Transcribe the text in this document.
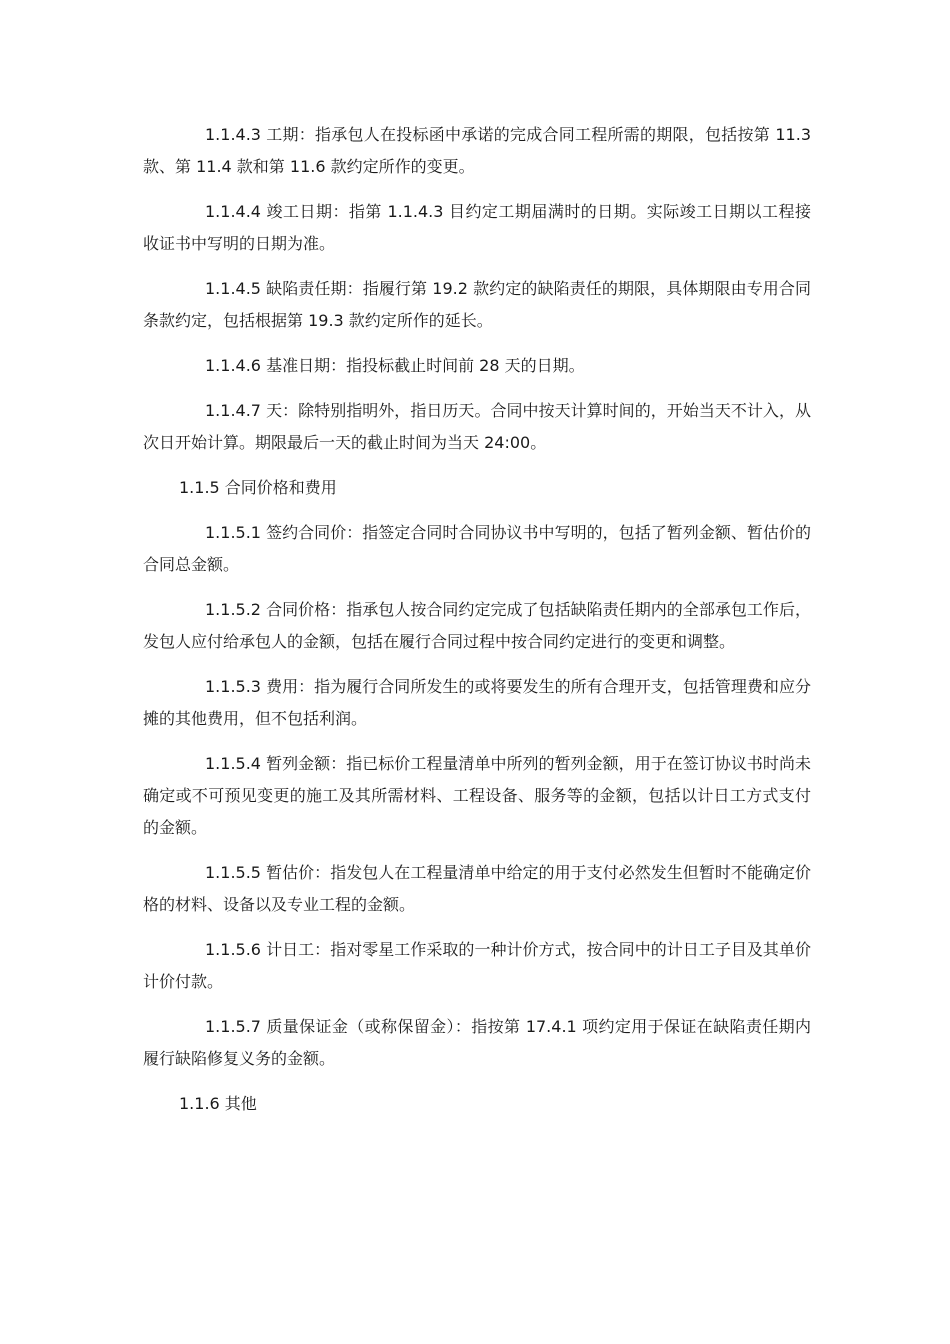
1.1.4.3 工期：指承包人在投标函中承诺的完成合同工程所需的期限，包括按第 11.3 款、第 11.4 款和第 11.6 款约定所作的变更。

1.1.4.4 竣工日期：指第 1.1.4.3 目约定工期届满时的日期。实际竣工日期以工程接收证书中写明的日期为准。

1.1.4.5 缺陷责任期：指履行第 19.2 款约定的缺陷责任的期限，具体期限由专用合同条款约定，包括根据第 19.3 款约定所作的延长。

1.1.4.6 基准日期：指投标截止时间前 28 天的日期。

1.1.4.7 天：除特别指明外，指日历天。合同中按天计算时间的，开始当天不计入，从次日开始计算。期限最后一天的截止时间为当天 24:00。

1.1.5 合同价格和费用

1.1.5.1 签约合同价：指签定合同时合同协议书中写明的，包括了暂列金额、暂估价的合同总金额。

1.1.5.2 合同价格：指承包人按合同约定完成了包括缺陷责任期内的全部承包工作后，发包人应付给承包人的金额，包括在履行合同过程中按合同约定进行的变更和调整。

1.1.5.3 费用：指为履行合同所发生的或将要发生的所有合理开支，包括管理费和应分摊的其他费用，但不包括利润。

1.1.5.4 暂列金额：指已标价工程量清单中所列的暂列金额，用于在签订协议书时尚未确定或不可预见变更的施工及其所需材料、工程设备、服务等的金额，包括以计日工方式支付的金额。

1.1.5.5 暂估价：指发包人在工程量清单中给定的用于支付必然发生但暂时不能确定价格的材料、设备以及专业工程的金额。

1.1.5.6 计日工：指对零星工作采取的一种计价方式，按合同中的计日工子目及其单价计价付款。

1.1.5.7 质量保证金（或称保留金）：指按第 17.4.1 项约定用于保证在缺陷责任期内履行缺陷修复义务的金额。

1.1.6 其他
